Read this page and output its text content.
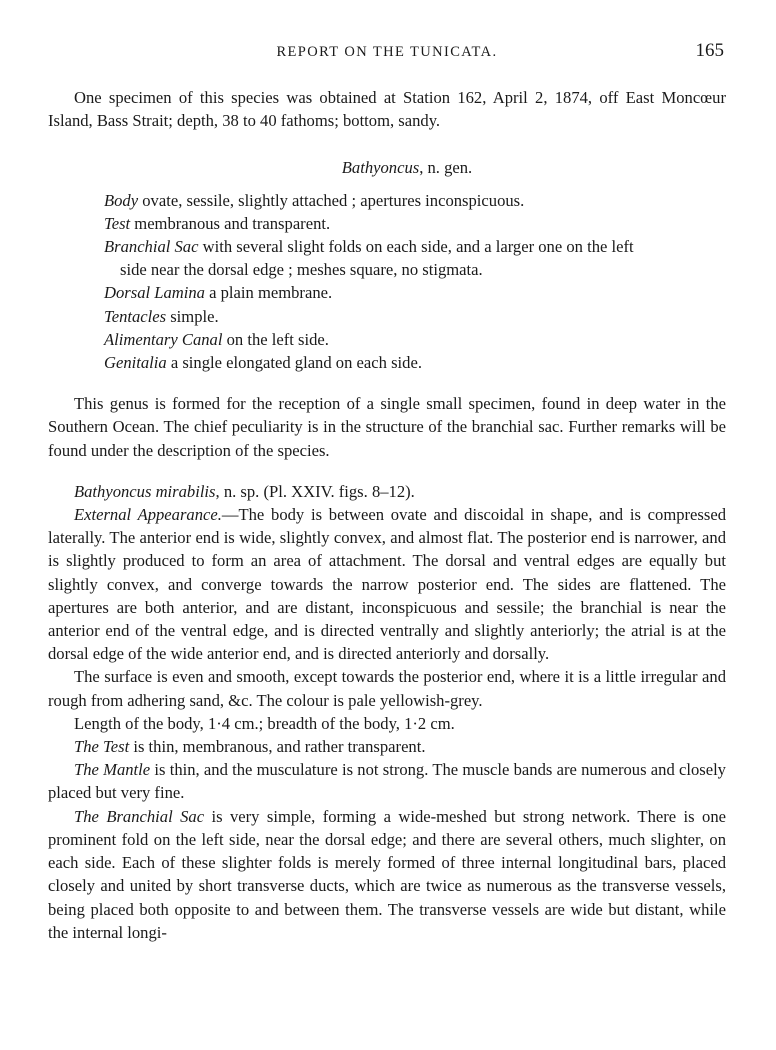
REPORT ON THE TUNICATA.	165

One specimen of this species was obtained at Station 162, April 2, 1874, off East Moncœur Island, Bass Strait; depth, 38 to 40 fathoms; bottom, sandy.

Bathyoncus, n. gen.
Body ovate, sessile, slightly attached ; apertures inconspicuous.
Test membranous and transparent.
Branchial Sac with several slight folds on each side, and a larger one on the left
side near the dorsal edge ; meshes square, no stigmata.
Dorsal Lamina a plain membrane.
Tentacles simple.
Alimentary Canal on the left side.
Genitalia a single elongated gland on each side.

This genus is formed for the reception of a single small specimen, found in deep water in the Southern Ocean. The chief peculiarity is in the structure of the branchial sac. Further remarks will be found under the description of the species.

Bathyoncus mirabilis, n. sp. (Pl. XXIV. figs. 8–12).

External Appearance.—The body is between ovate and discoidal in shape, and is compressed laterally. The anterior end is wide, slightly convex, and almost flat. The posterior end is narrower, and is slightly produced to form an area of attachment. The dorsal and ventral edges are equally but slightly convex, and converge towards the narrow posterior end. The sides are flattened. The apertures are both anterior, and are distant, inconspicuous and sessile; the branchial is near the anterior end of the ventral edge, and is directed ventrally and slightly anteriorly; the atrial is at the dorsal edge of the wide anterior end, and is directed anteriorly and dorsally.

The surface is even and smooth, except towards the posterior end, where it is a little irregular and rough from adhering sand, &c. The colour is pale yellowish-grey.

Length of the body, 1·4 cm.; breadth of the body, 1·2 cm.

The Test is thin, membranous, and rather transparent.

The Mantle is thin, and the musculature is not strong. The muscle bands are numerous and closely placed but very fine.

The Branchial Sac is very simple, forming a wide-meshed but strong network. There is one prominent fold on the left side, near the dorsal edge; and there are several others, much slighter, on each side. Each of these slighter folds is merely formed of three internal longitudinal bars, placed closely and united by short transverse ducts, which are twice as numerous as the transverse vessels, being placed both opposite to and between them. The transverse vessels are wide but distant, while the internal longi-
